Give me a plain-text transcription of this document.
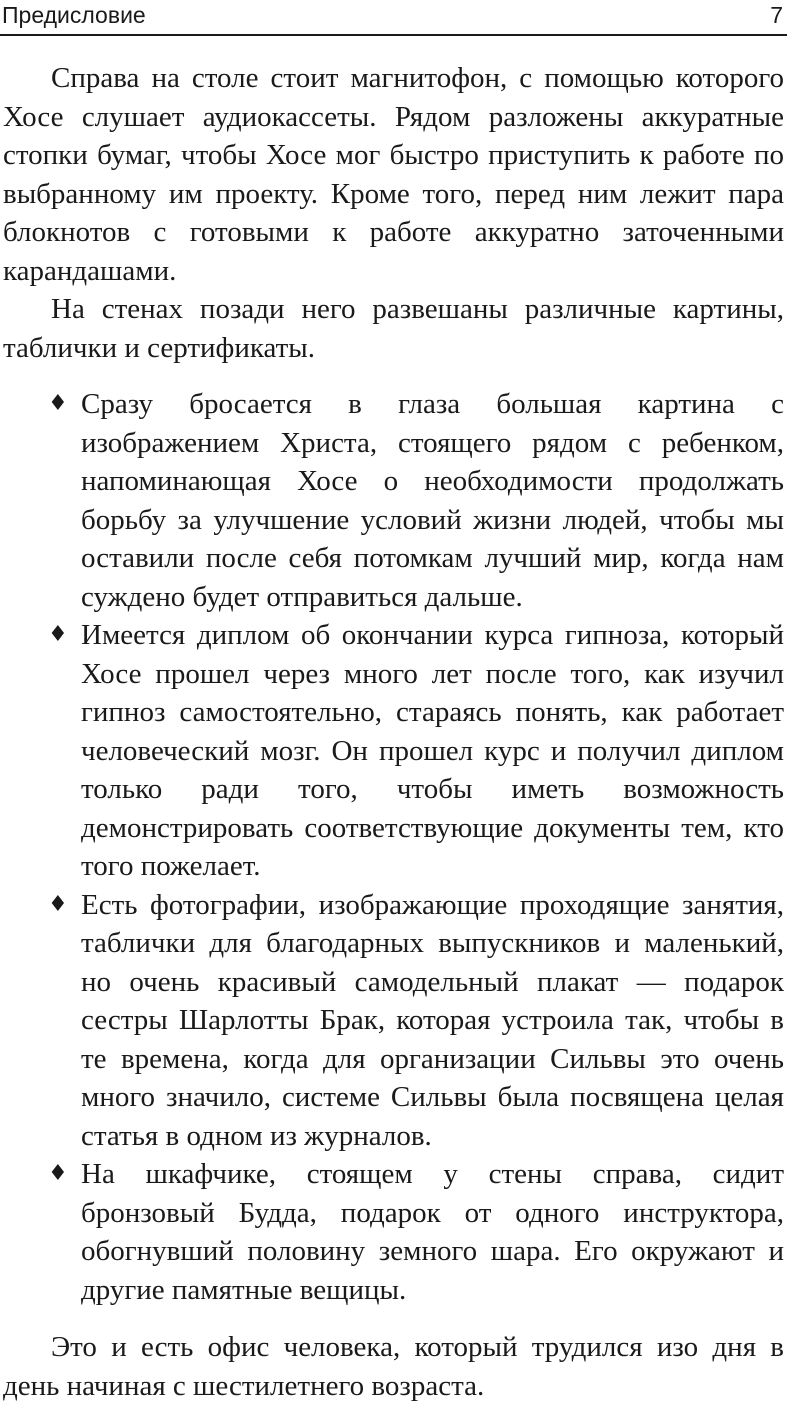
Предисловие	7

Справа на столе стоит магнитофон, с помощью которого Хосе слушает аудиокассеты. Рядом разложены аккуратные стопки бумаг, чтобы Хосе мог быстро приступить к работе по выбранному им проекту. Кроме того, перед ним лежит пара блокнотов с готовыми к работе аккуратно заточенными карандашами.

На стенах позади него развешаны различные картины, таблички и сертификаты.

♦ Сразу бросается в глаза большая картина с изображением Христа, стоящего рядом с ребенком, напоминающая Хосе о необходимости продолжать борьбу за улучшение условий жизни людей, чтобы мы оставили после себя потомкам лучший мир, когда нам суждено будет отправиться дальше.
♦ Имеется диплом об окончании курса гипноза, который Хосе прошел через много лет после того, как изучил гипноз самостоятельно, стараясь понять, как работает человеческий мозг. Он прошел курс и получил диплом только ради того, чтобы иметь возможность демонстрировать соответствующие документы тем, кто того пожелает.
♦ Есть фотографии, изображающие проходящие занятия, таблички для благодарных выпускников и маленький, но очень красивый самодельный плакат — подарок сестры Шарлотты Брак, которая устроила так, чтобы в те времена, когда для организации Сильвы это очень много значило, системе Сильвы была посвящена целая статья в одном из журналов.
♦ На шкафчике, стоящем у стены справа, сидит бронзовый Будда, подарок от одного инструктора, обогнувший половину земного шара. Его окружают и другие памятные вещицы.

Это и есть офис человека, который трудился изо дня в день начиная с шестилетнего возраста.
